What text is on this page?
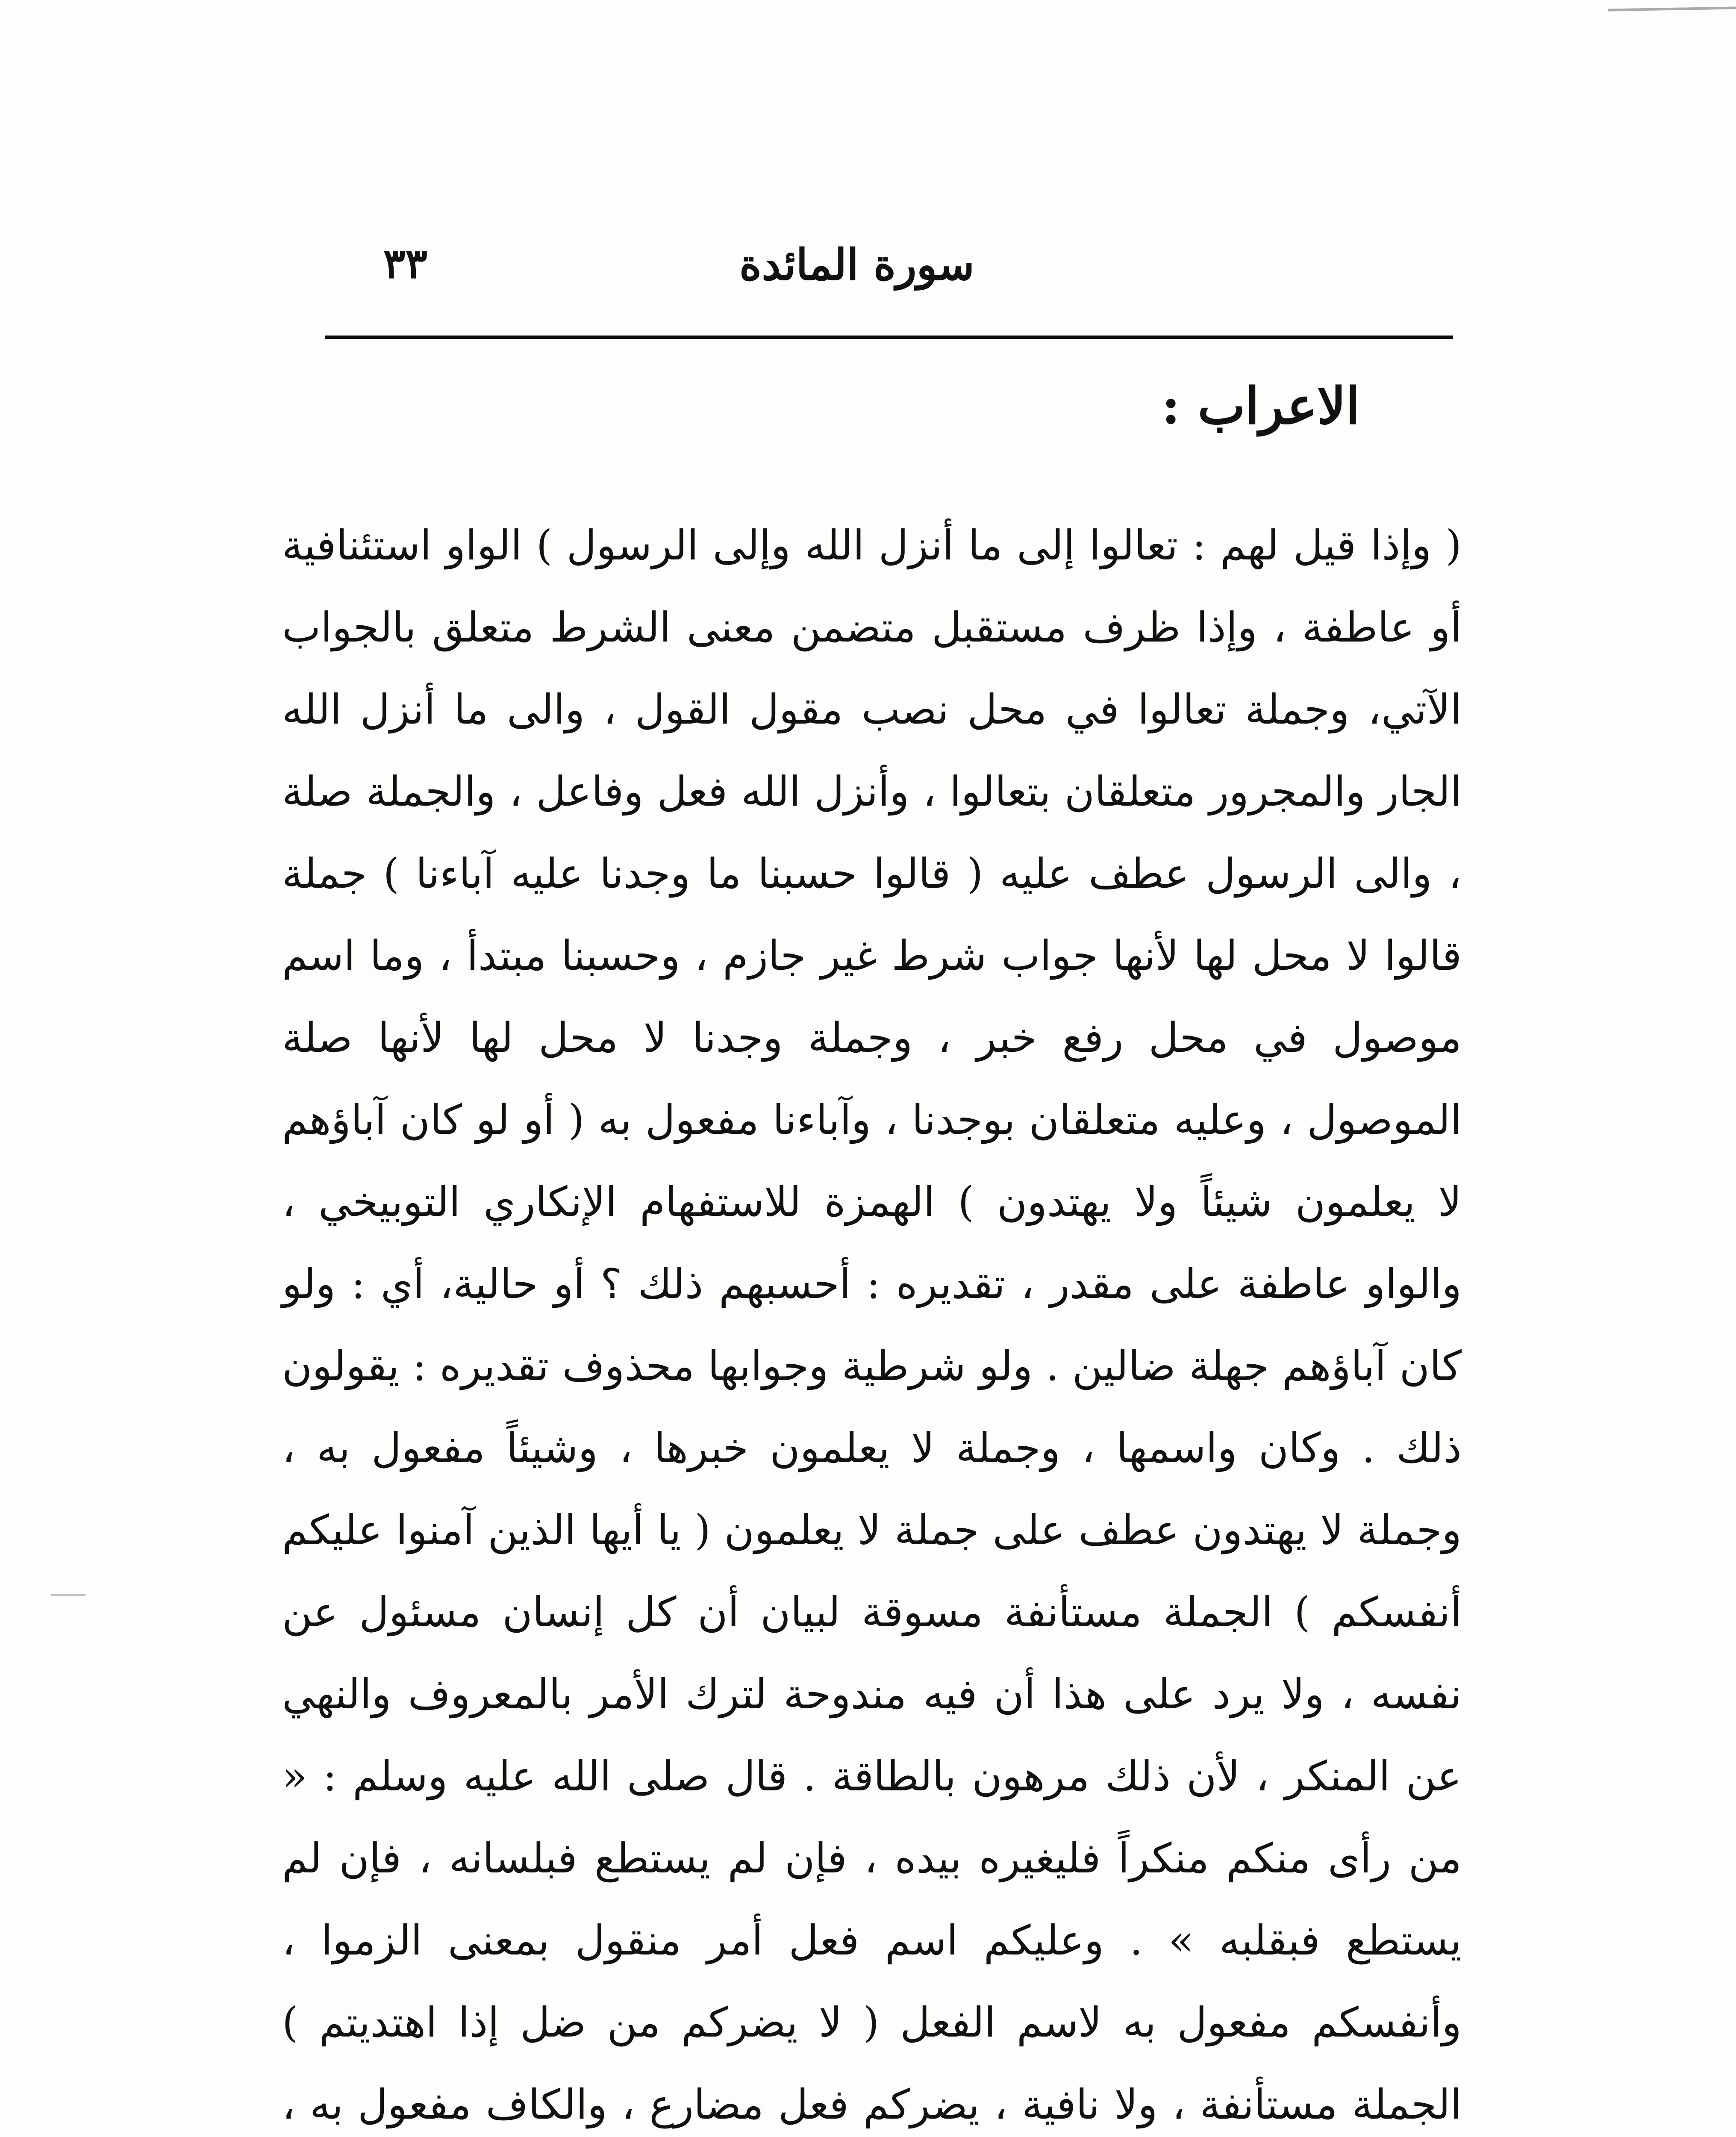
٣٣	سورة المائدة
الاعراب :

( وإذا قيل لهم : تعالوا إلى ما أنزل الله وإلى الرسول ) الواو استئنافية أو عاطفة ، وإذا ظرف مستقبل متضمن معنى الشرط متعلق بالجواب الآتي، وجملة تعالوا في محل نصب مقول القول ، والى ما أنزل الله الجار والمجرور متعلقان بتعالوا ، وأنزل الله فعل وفاعل ، والجملة صلة ، والى الرسول عطف عليه ( قالوا حسبنا ما وجدنا عليه آباءنا ) جملة قالوا لا محل لها لأنها جواب شرط غير جازم ، وحسبنا مبتدأ ، وما اسم موصول في محل رفع خبر ، وجملة وجدنا لا محل لها لأنها صلة الموصول ، وعليه متعلقان بوجدنا ، وآباءنا مفعول به ( أو لو كان آباؤهم لا يعلمون شيئاً ولا يهتدون ) الهمزة للاستفهام الإنكاري التوبيخي ، والواو عاطفة على مقدر ، تقديره : أحسبهم ذلك ؟ أو حالية، أي : ولو كان آباؤهم جهلة ضالين . ولو شرطية وجوابها محذوف تقديره : يقولون ذلك . وكان واسمها ، وجملة لا يعلمون خبرها ، وشيئاً مفعول به ، وجملة لا يهتدون عطف على جملة لا يعلمون ( يا أيها الذين آمنوا عليكم أنفسكم ) الجملة مستأنفة مسوقة لبيان أن كل إنسان مسئول عن نفسه ، ولا يرد على هذا أن فيه مندوحة لترك الأمر بالمعروف والنهي عن المنكر ، لأن ذلك مرهون بالطاقة . قال صلى الله عليه وسلم : « من رأى منكم منكراً فليغيره بيده ، فإن لم يستطع فبلسانه ، فإن لم يستطع فبقلبه » . وعليكم اسم فعل أمر منقول بمعنى الزموا ، وأنفسكم مفعول به لاسم الفعل ( لا يضركم من ضل إذا اهتديتم ) الجملة مستأنفة ، ولا نافية ، يضركم فعل مضارع ، والكاف مفعول به ،
